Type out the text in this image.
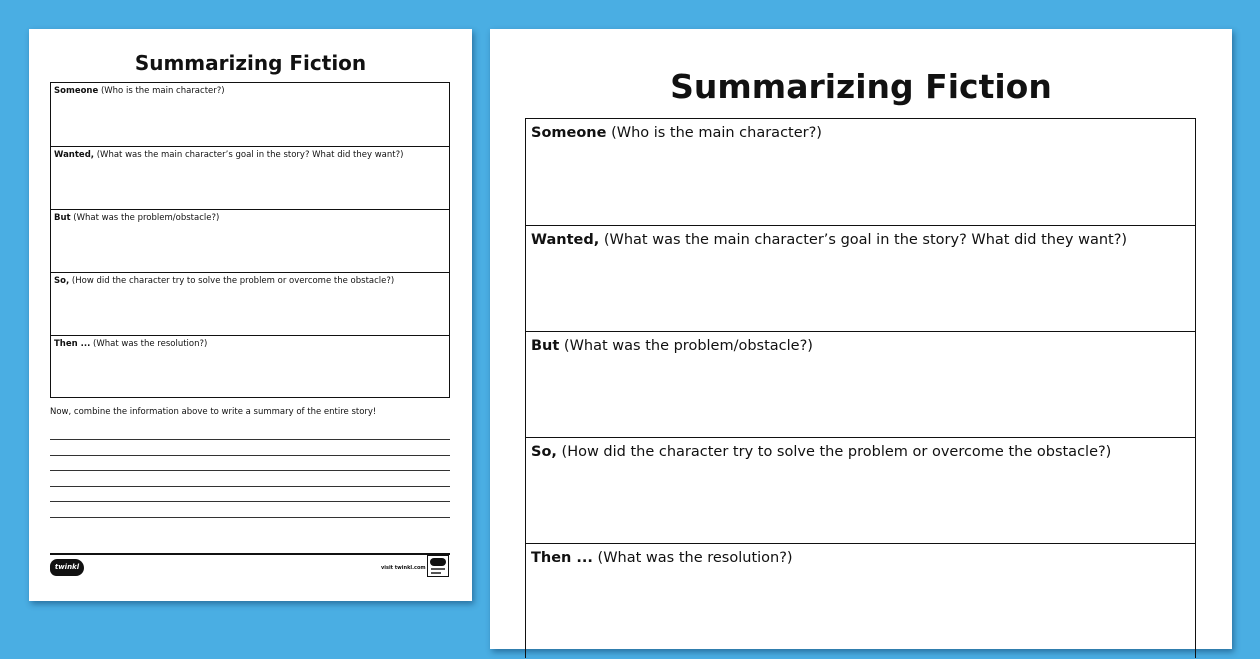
Summarizing Fiction
Someone (Who is the main character?)
Wanted, (What was the main character’s goal in the story? What did they want?)
But (What was the problem/obstacle?)
So, (How did the character try to solve the problem or overcome the obstacle?)
Then ... (What was the resolution?)
Now, combine the information above to write a summary of the entire story!
twinkl	visit twinkl.com
Summarizing Fiction
Someone (Who is the main character?)
Wanted, (What was the main character’s goal in the story? What did they want?)
But (What was the problem/obstacle?)
So, (How did the character try to solve the problem or overcome the obstacle?)
Then ... (What was the resolution?)
